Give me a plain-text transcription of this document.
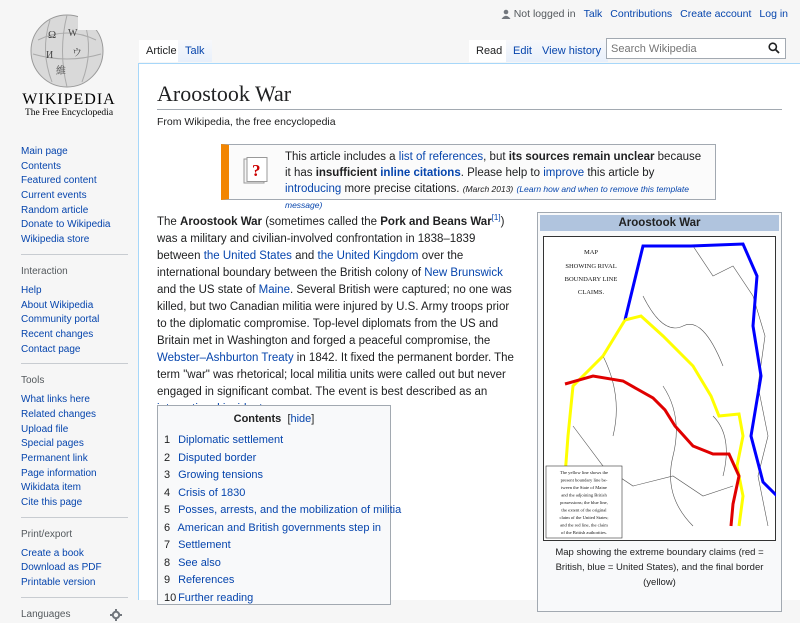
Ω W
И ウ
維
WIKIPEDIA
The Free Encyclopedia
Not logged in Talk Contributions Create account Log in
Article Talk	Read Edit View history
Search Wikipedia
Aroostook War
From Wikipedia, the free encyclopedia
?
This article includes a list of references, but its sources remain unclear because it has insufficient inline citations. Please help to improve this article by introducing more precise citations. (March 2013) (Learn how and when to remove this template message)

The Aroostook War (sometimes called the Pork and Beans War[1]) was a military and civilian-involved confrontation in 1838–1839 between the United States and the United Kingdom over the international boundary between the British colony of New Brunswick and the US state of Maine. Several British were captured; no one was killed, but two Canadian militia were injured by U.S. Army troops prior to the diplomatic compromise. Top-level diplomats from the US and Britain met in Washington and forged a peaceful compromise, the Webster–Ashburton Treaty in 1842. It fixed the permanent border. The term "war" was rhetorical; local militia units were called out but never engaged in significant combat. The event is best described as an

Contents [hide]
1 Diplomatic settlement
2 Disputed border
3 Growing tensions
4 Crisis of 1830
5 Posses, arrests, and the mobilization of militia
6 American and British governments step in
7 Settlement
8 See also
9 References
10 Further reading
Aroostook War
MAP
SHOWING RIVAL
BOUNDARY LINE
CLAIMS.
The yellow line shows the
present boundary line be-
tween the State of Maine
and the adjoining British
possessions; the blue line,
the extent of the original
claim of the United States;
and the red line, the claim
of the British authorities.
Map showing the extreme boundary claims (red = British, blue = United States), and the final border (yellow)
Main page
Contents
Featured content
Current events
Random article
Donate to Wikipedia
Wikipedia store
Interaction
Help
About Wikipedia
Community portal
Recent changes
Contact page
Tools
What links here
Related changes
Upload file
Special pages
Permanent link
Page information
Wikidata item
Cite this page
Print/export
Create a book
Download as PDF
Printable version
Languages
